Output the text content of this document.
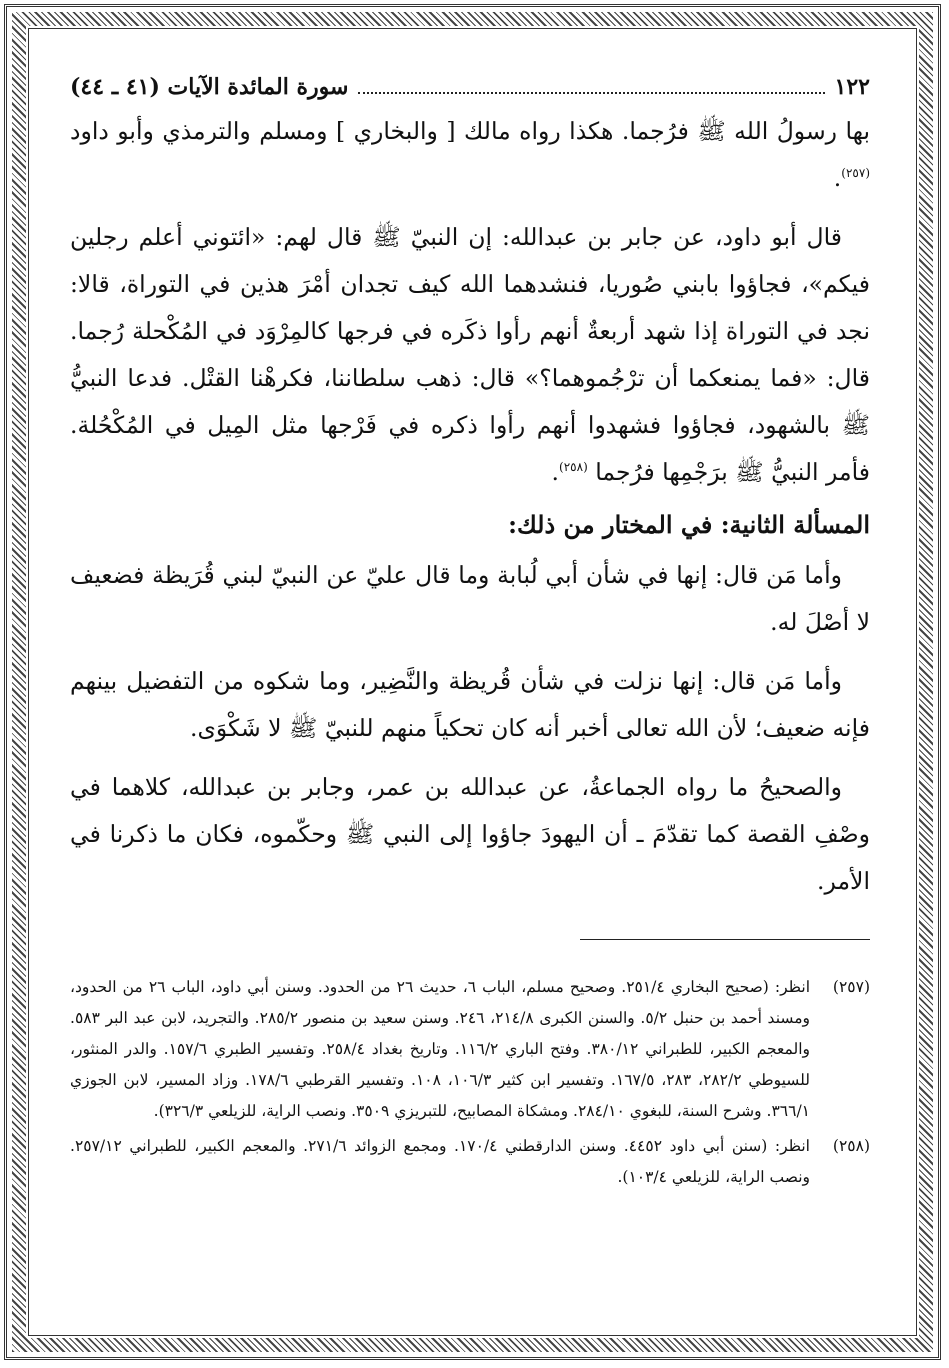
١٢٢
سورة المائدة الآيات (٤١ ـ ٤٤)

بها رسولُ الله ﷺ فرُجما. هكذا رواه مالك [ والبخاري ] ومسلم والترمذي وأبو داود $^{(٢٥٧)}$.

قال أبو داود، عن جابر بن عبدالله: إن النبيّ ﷺ قال لهم: «ائتوني أعلم رجلين فيكم»، فجاؤوا بابني صُوريا، فنشدهما الله كيف تجدان أمْرَ هذين في التوراة، قالا: نجد في التوراة إذا شهد أربعةٌ أنهم رأوا ذكَره في فرجها كالمِرْوَد في المُكْحلة رُجما. قال: «فما يمنعكما أن ترْجُموهما؟» قال: ذهب سلطاننا، فكرهْنا القتْل. فدعا النبيُّ ﷺ بالشهود، فجاؤوا فشهدوا أنهم رأوا ذكره في فَرْجها مثل المِيل في المُكْحُلة. فأمر النبيُّ ﷺ برَجْمِها فرُجما $^{(٢٥٨)}$.

المسألة الثانية: في المختار من ذلك:

وأما مَن قال: إنها في شأن أبي لُبابة وما قال عليّ عن النبيّ لبني قُرَيظة فضعيف لا أصْلَ له.

وأما مَن قال: إنها نزلت في شأن قُريظة والنَّضِير، وما شكوه من التفضيل بينهم فإنه ضعيف؛ لأن الله تعالى أخبر أنه كان تحكياً منهم للنبيّ ﷺ لا شَكْوَى.

والصحيحُ ما رواه الجماعةُ، عن عبدالله بن عمر، وجابر بن عبدالله، كلاهما في وصْفِ القصة كما تقدّمَ ـ أن اليهودَ جاؤوا إلى النبي ﷺ وحكّموه، فكان ما ذكرنا في الأمر.

(٢٥٧)
انظر: (صحيح البخاري ٢٥١/٤. وصحيح مسلم، الباب ٦، حديث ٢٦ من الحدود. وسنن أبي داود، الباب ٢٦ من الحدود، ومسند أحمد بن حنبل ٥/٢. والسنن الكبرى ٢١٤/٨، ٢٤٦. وسنن سعيد بن منصور ٢٨٥/٢. والتجريد، لابن عبد البر ٥٨٣. والمعجم الكبير، للطبراني ٣٨٠/١٢. وفتح الباري ١١٦/٢. وتاريخ بغداد ٢٥٨/٤. وتفسير الطبري ١٥٧/٦. والدر المنثور، للسيوطي ٢٨٢/٢، ٢٨٣، ١٦٧/٥. وتفسير ابن كثير ١٠٦/٣، ١٠٨. وتفسير القرطبي ١٧٨/٦. وزاد المسير، لابن الجوزي ٣٦٦/١. وشرح السنة، للبغوي ٢٨٤/١٠. ومشكاة المصابيح، للتبريزي ٣٥٠٩. ونصب الراية، للزيلعي ٣٢٦/٣).
(٢٥٨)
انظر: (سنن أبي داود ٤٤٥٢. وسنن الدارقطني ١٧٠/٤. ومجمع الزوائد ٢٧١/٦. والمعجم الكبير، للطبراني ٢٥٧/١٢. ونصب الراية، للزيلعي ١٠٣/٤).
